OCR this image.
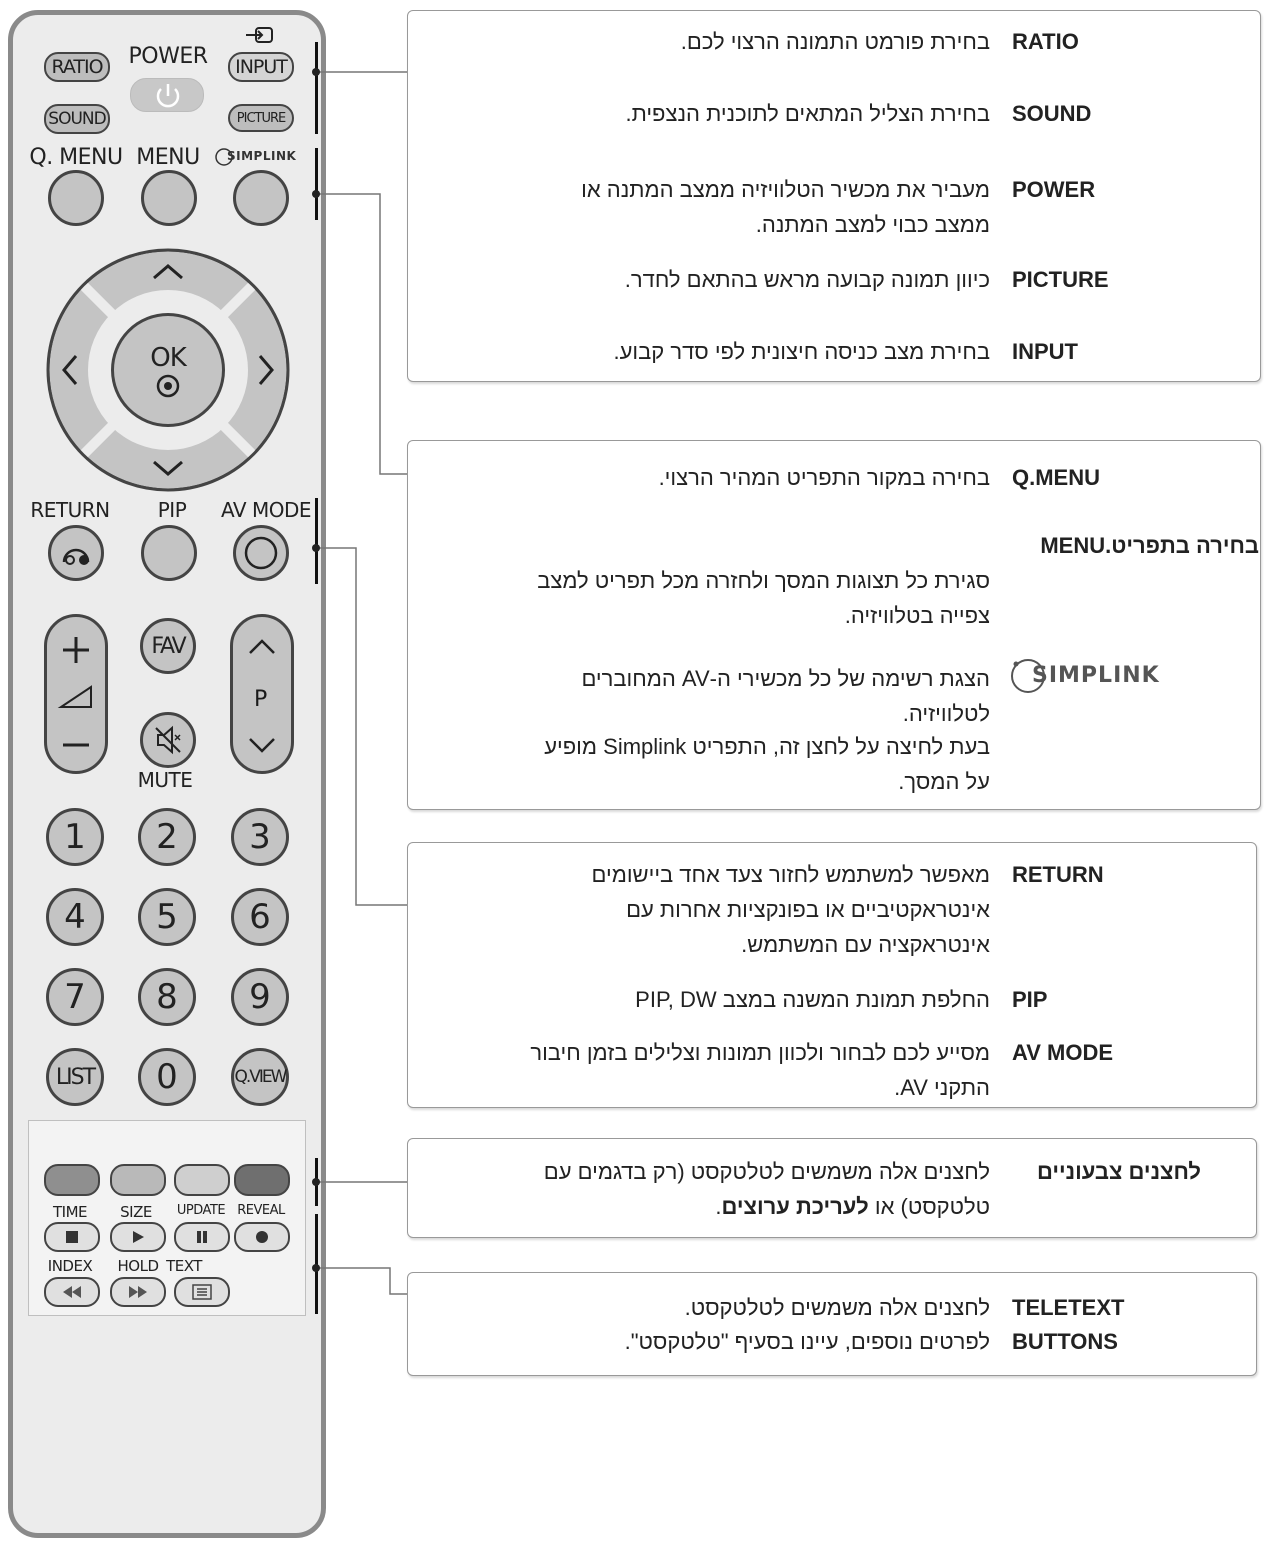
RATIO	POWER	INPUT
SOUND	PICTURE
Q. MENU MENU SIMPLINK
OK
RETURN PIP AV MODE
FAV
MUTE
P
1	2	3
4	5	6
7	8	9
LIST	0	Q.VIEW
TIME SIZE UPDATE REVEAL
INDEX HOLD TEXT
RATIO
בחירת פורמט התמונה הרצוי לכם.
SOUND
בחירת הצליל המתאים לתוכנית הנצפית.
POWER
מעביר את מכשיר הטלוויזיה ממצב המתנה או
ממצב כבוי למצב המתנה.
PICTURE
כיוון תמונה קבועה מראש בהתאם לחדר.
INPUT
בחירת מצב כניסה חיצונית לפי סדר קבוע.
Q.MENU
בחירה במקור התפריט המהיר הרצוי.
בחירה בתפריט.MENU
סגירת כל תצוגות המסך ולחזרה מכל תפריט למצב
צפייה בטלוויזיה.
SIMPLINK
הצגת רשימה של כל מכשירי ה-AV המחוברים
לטלוויזיה.
בעת לחיצה על לחצן זה, התפריט Simplink מופיע
על המסך.
RETURN
מאפשר למשתמש לחזור צעד אחד ביישומים
אינטראקטיביים או בפונקציות אחרות עם
אינטראקציה עם המשתמש.
PIP
החלפת תמונת המשנה במצב PIP, DW
AV MODE
מסייע לכם לבחור ולכוון תמונות וצלילים בזמן חיבור
התקני AV.
לחצנים צבעוניים
לחצנים אלה משמשים לטלטקסט (רק בדגמים עם
טלטקסט) או לעריכת ערוצים.
TELETEXT
BUTTONS
לחצנים אלה משמשים לטלטקסט.
לפרטים נוספים, עיינו בסעיף "טלטקסט".
